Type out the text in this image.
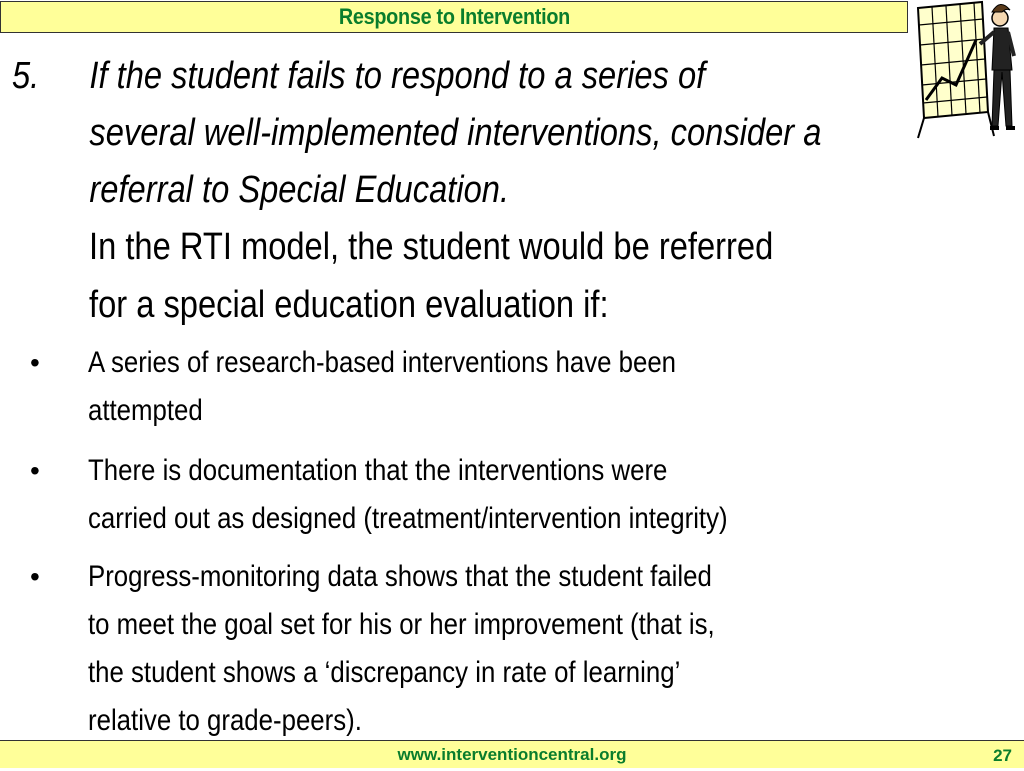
Response to Intervention
5. If the student fails to respond to a series of
several well-implemented interventions, consider a
referral to Special Education.
In the RTI model, the student would be referred
for a special education evaluation if:
• A series of research-based interventions have been
attempted
• There is documentation that the interventions were
carried out as designed (treatment/intervention integrity)
• Progress-monitoring data shows that the student failed
to meet the goal set for his or her improvement (that is,
the student shows a ‘discrepancy in rate of learning’
relative to grade-peers).
www.interventioncentral.org	27
